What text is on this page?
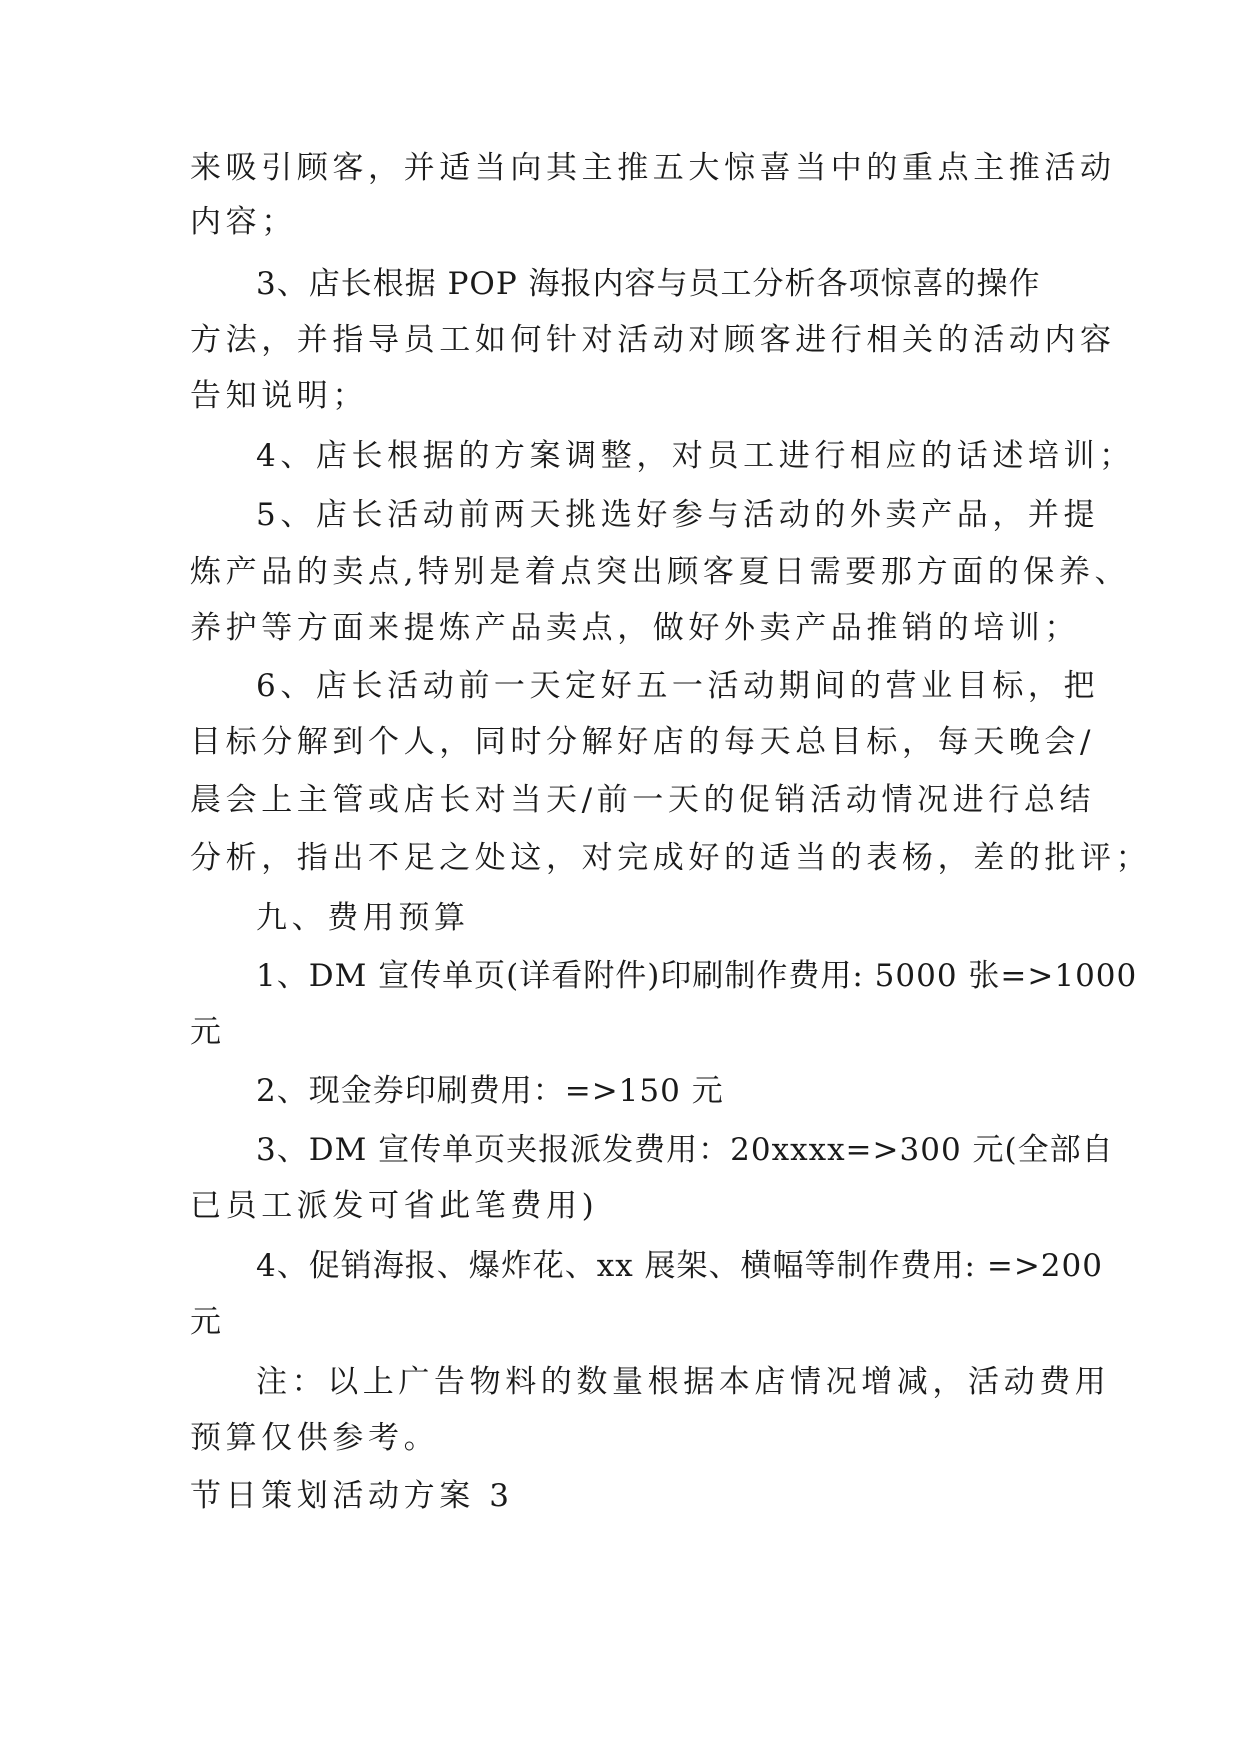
来吸引顾客，并适当向其主推五大惊喜当中的重点主推活动
内容；
3、店长根据 POP 海报内容与员工分析各项惊喜的操作
方法，并指导员工如何针对活动对顾客进行相关的活动内容
告知说明；
4、店长根据的方案调整，对员工进行相应的话述培训；
5、店长活动前两天挑选好参与活动的外卖产品，并提
炼产品的卖点,特别是着点突出顾客夏日需要那方面的保养、
养护等方面来提炼产品卖点，做好外卖产品推销的培训；
6、店长活动前一天定好五一活动期间的营业目标，把
目标分解到个人，同时分解好店的每天总目标，每天晚会/
晨会上主管或店长对当天/前一天的促销活动情况进行总结
分析，指出不足之处这，对完成好的适当的表杨，差的批评；
九、费用预算
1、DM 宣传单页(详看附件)印刷制作费用: 5000 张=>1000
元
2、现金券印刷费用：=>150 元
3、DM 宣传单页夹报派发费用：20xxxx=>300 元(全部自
已员工派发可省此笔费用)
4、促销海报、爆炸花、xx 展架、横幅等制作费用: =>200
元
注：以上广告物料的数量根据本店情况增减，活动费用
预算仅供参考。
节日策划活动方案 3
